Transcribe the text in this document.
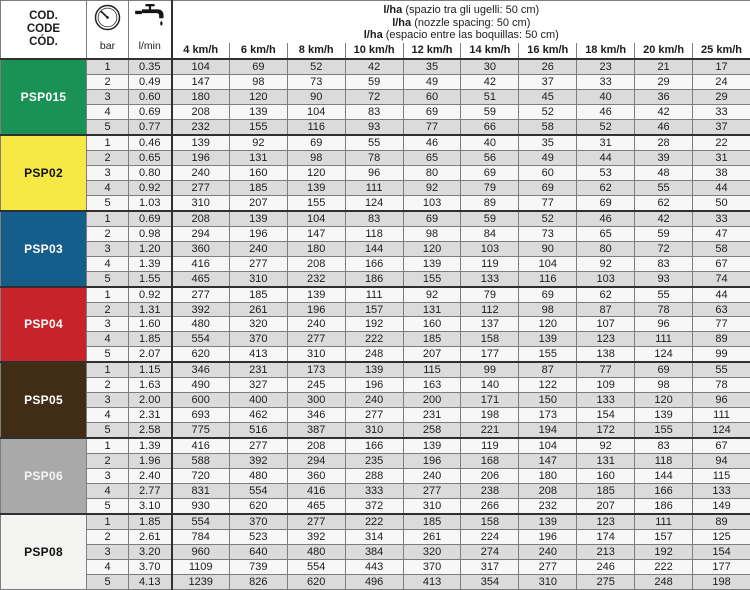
COD.
CODE
CÓD.	bar	l/min

l/ha (spazio tra gli ugelli: 50 cm)
l/ha (nozzle spacing: 50 cm)
l/ha (espacio entre las boquillas: 50 cm)

			4 km/h	6 km/h	8 km/h	10 km/h	12 km/h	14 km/h	16 km/h	18 km/h	20 km/h	25 km/h
PSP015	1	0.35	104	69	52	42	35	30	26	23	21	17
	2	0.49	147	98	73	59	49	42	37	33	29	24
	3	0.60	180	120	90	72	60	51	45	40	36	29
	4	0.69	208	139	104	83	69	59	52	46	42	33
	5	0.77	232	155	116	93	77	66	58	52	46	37
PSP02	1	0.46	139	92	69	55	46	40	35	31	28	22
	2	0.65	196	131	98	78	65	56	49	44	39	31
	3	0.80	240	160	120	96	80	69	60	53	48	38
	4	0.92	277	185	139	111	92	79	69	62	55	44
	5	1.03	310	207	155	124	103	89	77	69	62	50
PSP03	1	0.69	208	139	104	83	69	59	52	46	42	33
	2	0.98	294	196	147	118	98	84	73	65	59	47
	3	1.20	360	240	180	144	120	103	90	80	72	58
	4	1.39	416	277	208	166	139	119	104	92	83	67
	5	1.55	465	310	232	186	155	133	116	103	93	74
PSP04	1	0.92	277	185	139	111	92	79	69	62	55	44
	2	1.31	392	261	196	157	131	112	98	87	78	63
	3	1.60	480	320	240	192	160	137	120	107	96	77
	4	1.85	554	370	277	222	185	158	139	123	111	89
	5	2.07	620	413	310	248	207	177	155	138	124	99
PSP05	1	1.15	346	231	173	139	115	99	87	77	69	55
	2	1.63	490	327	245	196	163	140	122	109	98	78
	3	2.00	600	400	300	240	200	171	150	133	120	96
	4	2.31	693	462	346	277	231	198	173	154	139	111
	5	2.58	775	516	387	310	258	221	194	172	155	124
PSP06	1	1.39	416	277	208	166	139	119	104	92	83	67
	2	1.96	588	392	294	235	196	168	147	131	118	94
	3	2.40	720	480	360	288	240	206	180	160	144	115
	4	2.77	831	554	416	333	277	238	208	185	166	133
	5	3.10	930	620	465	372	310	266	232	207	186	149
PSP08	1	1.85	554	370	277	222	185	158	139	123	111	89
	2	2.61	784	523	392	314	261	224	196	174	157	125
	3	3.20	960	640	480	384	320	274	240	213	192	154
	4	3.70	1109	739	554	443	370	317	277	246	222	177
	5	4.13	1239	826	620	496	413	354	310	275	248	198
